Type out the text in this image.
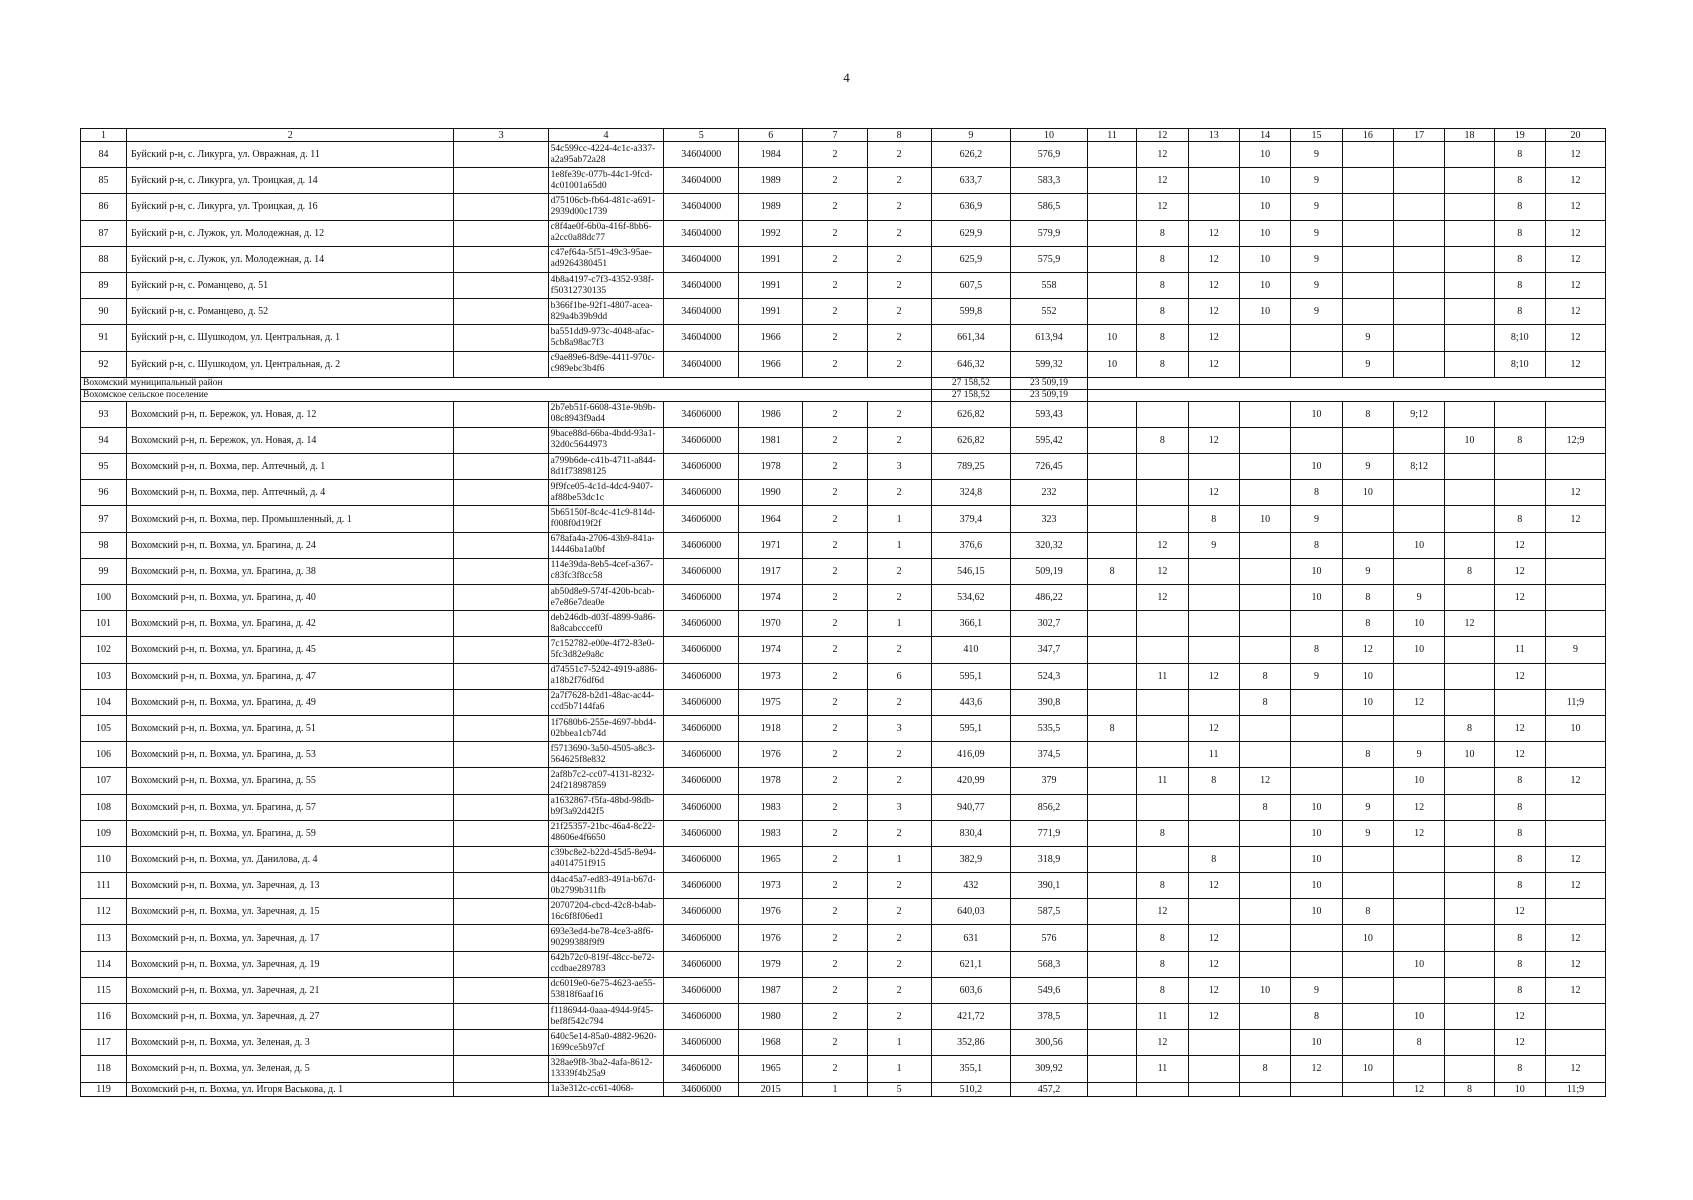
4
1	2	3	4	5	6	7	8	9	10	11	12	13	14	15	16	17	18	19	20
84	Буйский р-н, с. Ликурга, ул. Овражная, д. 11		54c599cc-4224-4c1c-a337-a2a95ab72a28	34604000	1984	2	2	626,2	576,9		12		10	9				8	12
85	Буйский р-н, с. Ликурга, ул. Троицкая, д. 14		1e8fe39c-077b-44c1-9fcd-4c01001a65d0	34604000	1989	2	2	633,7	583,3		12		10	9				8	12
86	Буйский р-н, с. Ликурга, ул. Троицкая, д. 16		d75106cb-fb64-481c-a691-2939d00c1739	34604000	1989	2	2	636,9	586,5		12		10	9				8	12
87	Буйский р-н, с. Лужок, ул. Молодежная, д. 12		c8f4ae0f-6b0a-416f-8bb6-a2cc0a88dc77	34604000	1992	2	2	629,9	579,9		8	12	10	9				8	12
88	Буйский р-н, с. Лужок, ул. Молодежная, д. 14		c47ef64a-5f51-49c3-95ae-ad9264380451	34604000	1991	2	2	625,9	575,9		8	12	10	9				8	12
89	Буйский р-н, с. Романцево, д. 51		4b8a4197-c7f3-4352-938f-f50312730135	34604000	1991	2	2	607,5	558		8	12	10	9				8	12
90	Буйский р-н, с. Романцево, д. 52		b366f1be-92f1-4807-acea-829a4b39b9dd	34604000	1991	2	2	599,8	552		8	12	10	9				8	12
91	Буйский р-н, с. Шушкодом, ул. Центральная, д. 1		ba551dd9-973c-4048-afac-5cb8a98ac7f3	34604000	1966	2	2	661,34	613,94	10	8	12			9			8;10	12
92	Буйский р-н, с. Шушкодом, ул. Центральная, д. 2		c9ae89e6-8d9e-4411-970c-c989ebc3b4f6	34604000	1966	2	2	646,32	599,32	10	8	12			9			8;10	12
Вохомский муниципальный район								27 158,52	23 509,19										
Вохомское сельское поселение								27 158,52	23 509,19										
93	Вохомский р-н, п. Бережок, ул. Новая, д. 12		2b7eb51f-6608-431e-9b9b-08c8943f9ad4	34606000	1986	2	2	626,82	593,43					10	8	9;12			
94	Вохомский р-н, п. Бережок, ул. Новая, д. 14		9bace88d-66ba-4bdd-93a1-32d0c5644973	34606000	1981	2	2	626,82	595,42		8	12					10	8	12;9
95	Вохомский р-н, п. Вохма, пер. Аптечный, д. 1		a799b6de-c41b-4711-a844-8d1f73898125	34606000	1978	2	3	789,25	726,45					10	9	8;12			
96	Вохомский р-н, п. Вохма, пер. Аптечный, д. 4		9f9fce05-4c1d-4dc4-9407-af88be53dc1c	34606000	1990	2	2	324,8	232			12		8	10				12
97	Вохомский р-н, п. Вохма, пер. Промышленный, д. 1		5b65150f-8c4c-41c9-814d-f008f0d19f2f	34606000	1964	2	1	379,4	323			8	10	9				8	12
98	Вохомский р-н, п. Вохма, ул. Брагина, д. 24		678afa4a-2706-43b9-841a-14446ba1a0bf	34606000	1971	2	1	376,6	320,32		12	9		8		10		12	
99	Вохомский р-н, п. Вохма, ул. Брагина, д. 38		114e39da-8eb5-4cef-a367-c83fc3f8cc58	34606000	1917	2	2	546,15	509,19	8	12			10	9		8	12	
100	Вохомский р-н, п. Вохма, ул. Брагина, д. 40		ab50d8e9-574f-420b-bcab-e7e86e7dea0e	34606000	1974	2	2	534,62	486,22		12			10	8	9		12	
101	Вохомский р-н, п. Вохма, ул. Брагина, д. 42		deb246db-d03f-4899-9a86-8a8cabcccef0	34606000	1970	2	1	366,1	302,7						8	10	12		
102	Вохомский р-н, п. Вохма, ул. Брагина, д. 45		7c152782-e00e-4f72-83e0-5fc3d82e9a8c	34606000	1974	2	2	410	347,7					8	12	10		11	9
103	Вохомский р-н, п. Вохма, ул. Брагина, д. 47		d74551c7-5242-4919-a886-a18b2f76df6d	34606000	1973	2	6	595,1	524,3		11	12	8	9	10			12	
104	Вохомский р-н, п. Вохма, ул. Брагина, д. 49		2a7f7628-b2d1-48ac-ac44-ccd5b7144fa6	34606000	1975	2	2	443,6	390,8				8		10	12			11;9
105	Вохомский р-н, п. Вохма, ул. Брагина, д. 51		1f7680b6-255e-4697-bbd4-02bbea1cb74d	34606000	1918	2	3	595,1	535,5	8		12					8	12	10
106	Вохомский р-н, п. Вохма, ул. Брагина, д. 53		f5713690-3a50-4505-a8c3-564625f8e832	34606000	1976	2	2	416,09	374,5			11			8	9	10	12	
107	Вохомский р-н, п. Вохма, ул. Брагина, д. 55		2af8b7c2-cc07-4131-8232-24f218987859	34606000	1978	2	2	420,99	379		11	8	12			10		8	12
108	Вохомский р-н, п. Вохма, ул. Брагина, д. 57		a1632867-f5fa-48bd-98db-b9f3a92d42f5	34606000	1983	2	3	940,77	856,2				8	10	9	12		8	
109	Вохомский р-н, п. Вохма, ул. Брагина, д. 59		21f25357-21bc-46a4-8c22-48606e4f6650	34606000	1983	2	2	830,4	771,9		8			10	9	12		8	
110	Вохомский р-н, п. Вохма, ул. Данилова, д. 4		c39bc8e2-b22d-45d5-8e94-a4014751f915	34606000	1965	2	1	382,9	318,9			8		10				8	12
111	Вохомский р-н, п. Вохма, ул. Заречная, д. 13		d4ac45a7-ed83-491a-b67d-0b2799b311fb	34606000	1973	2	2	432	390,1		8	12		10				8	12
112	Вохомский р-н, п. Вохма, ул. Заречная, д. 15		20707204-cbcd-42c8-b4ab-16c6f8f06ed1	34606000	1976	2	2	640,03	587,5		12			10	8			12	
113	Вохомский р-н, п. Вохма, ул. Заречная, д. 17		693e3ed4-be78-4ce3-a8f6-90299388f9f9	34606000	1976	2	2	631	576		8	12			10			8	12
114	Вохомский р-н, п. Вохма, ул. Заречная, д. 19		642b72c0-819f-48cc-be72-ccdbae289783	34606000	1979	2	2	621,1	568,3		8	12				10		8	12
115	Вохомский р-н, п. Вохма, ул. Заречная, д. 21		dc6019e0-6e75-4623-ae55-53818f6aaf16	34606000	1987	2	2	603,6	549,6		8	12	10	9				8	12
116	Вохомский р-н, п. Вохма, ул. Заречная, д. 27		f1186944-0aaa-4944-9f45-bef8f542c794	34606000	1980	2	2	421,72	378,5		11	12		8		10		12	
117	Вохомский р-н, п. Вохма, ул. Зеленая, д. 3		640c5e14-85a0-4882-9620-1699ce5b97cf	34606000	1968	2	1	352,86	300,56		12			10		8		12	
118	Вохомский р-н, п. Вохма, ул. Зеленая, д. 5		328ae9f8-3ba2-4afa-8612-13339f4b25a9	34606000	1965	2	1	355,1	309,92		11		8	12	10			8	12
119	Вохомский р-н, п. Вохма, ул. Игоря Васькова, д. 1		1a3e312c-cc61-4068-	34606000	2015	1	5	510,2	457,2							12	8	10	11;9
